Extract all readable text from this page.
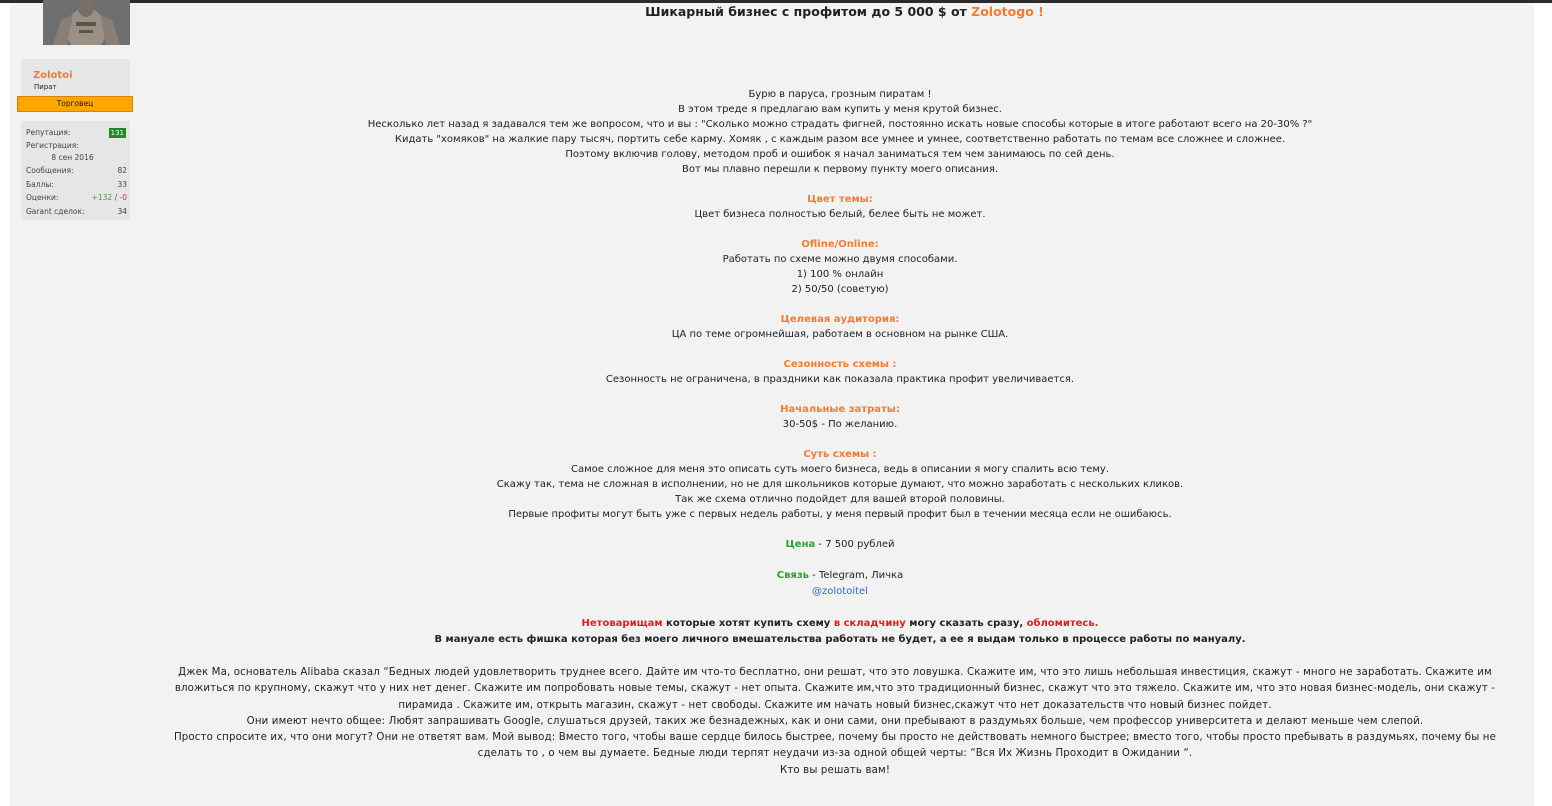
Zolotoi
Пират
Торговец
Репутация:	131
Регистрация:
8 сен 2016
Сообщения:	82
Баллы:	33
Оценки:	+132 / -0
Garant сделок:	34
Шикарный бизнес с профитом до 5 000 $ от Zolotogo !

Бурю в паруса, грозным пиратам !

В этом треде я предлагаю вам купить у меня крутой бизнес.

Несколько лет назад я задавался тем же вопросом, что и вы : "Сколько можно страдать фигней, постоянно искать новые способы которые в итоге работают всего на 20-30% ?"

Кидать "хомяков" на жалкие пару тысяч, портить себе карму. Хомяк , с каждым разом все умнее и умнее, соответственно работать по темам все сложнее и сложнее.

Поэтому включив голову, методом проб и ошибок я начал заниматься тем чем занимаюсь по сей день.

Вот мы плавно перешли к первому пункту моего описания.

Цвет темы:

Цвет бизнеса полностью белый, белее быть не может.

Ofline/Online:

Работать по схеме можно двумя способами.

1) 100 % онлайн

2) 50/50 (советую)

Целевая аудитория:

ЦА по теме огромнейшая, работаем в основном на рынке США.

Сезонность схемы :

Сезонность не ограничена, в праздники как показала практика профит увеличивается.

Начальные затраты:

30-50$ - По желанию.

Суть схемы :

Самое сложное для меня это описать суть моего бизнеса, ведь в описании я могу спалить всю тему.

Скажу так, тема не сложная в исполнении, но не для школьников которые думают, что можно заработать с нескольких кликов.

Так же схема отлично подойдет для вашей второй половины.

Первые профиты могут быть уже с первых недель работы, у меня первый профит был в течении месяца если не ошибаюсь.

Цена - 7 500 рублей

Связь - Telegram, Личка

@zolotoitel

Нетоварищам которые хотят купить схему в складчину могу сказать сразу, обломитесь.

В мануале есть фишка которая без моего личного вмешательства работать не будет, а ее я выдам только в процессе работы по мануалу.

Джек Ма, основатель Alibaba сказал “Бедных людей удовлетворить труднее всего. Дайте им что-то бесплатно, они решат, что это ловушка. Скажите им, что это лишь небольшая инвестиция, скажут - много не заработать. Скажите им вложиться по крупному, скажут что у них нет денег. Скажите им попробовать новые темы, скажут - нет опыта. Скажите им,что это традиционный бизнес, скажут что это тяжело. Скажите им, что это новая бизнес-модель, они скажут - пирамида . Скажите им, открыть магазин, скажут - нет свободы. Скажите им начать новый бизнес,скажут что нет доказательств что новый бизнес пойдет.

Они имеют нечто общее: Любят запрашивать Google, слушаться друзей, таких же безнадежных, как и они сами, они пребывают в раздумьях больше, чем профессор университета и делают меньше чем слепой.

Просто спросите их, что они могут? Они не ответят вам. Мой вывод: Вместо того, чтобы ваше сердце билось быстрее, почему бы просто не действовать немного быстрее; вместо того, чтобы просто пребывать в раздумьях, почему бы не сделать то , о чем вы думаете. Бедные люди терпят неудачи из-за одной общей черты: “Вся Их Жизнь Проходит в Ожидании “.

Кто вы решать вам!
